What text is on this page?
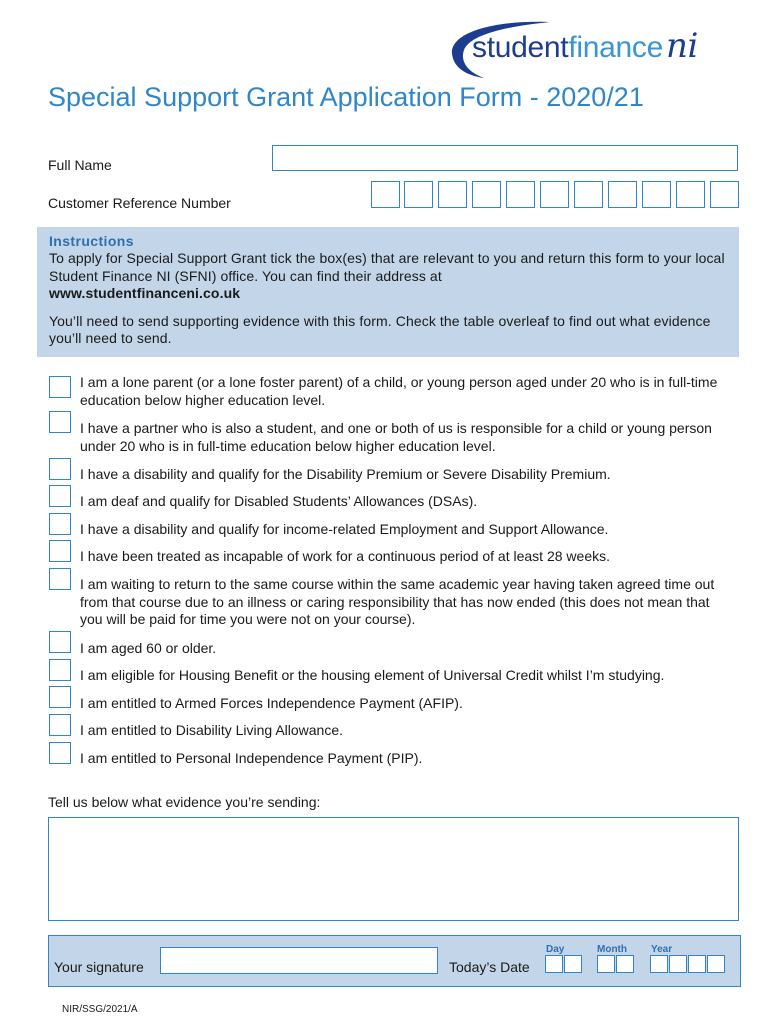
studentfinanceni
Special Support Grant Application Form - 2020/21
Full Name
Customer Reference Number
Instructions

To apply for Special Support Grant tick the box(es) that are relevant to you and return this form to your local Student Finance NI (SFNI) office. You can find their address at
www.studentfinanceni.co.uk

You’ll need to send supporting evidence with this form. Check the table overleaf to find out what evidence you’ll need to send.

I am a lone parent (or a lone foster parent) of a child, or young person aged under 20 who is in full-time education below higher education level.
I have a partner who is also a student, and one or both of us is responsible for a child or young person under 20 who is in full-time education below higher education level.
I have a disability and qualify for the Disability Premium or Severe Disability Premium.
I am deaf and qualify for Disabled Students’ Allowances (DSAs).
I have a disability and qualify for income-related Employment and Support Allowance.
I have been treated as incapable of work for a continuous period of at least 28 weeks.
I am waiting to return to the same course within the same academic year having taken agreed time out from that course due to an illness or caring responsibility that has now ended (this does not mean that you will be paid for time you were not on your course).
I am aged 60 or older.
I am eligible for Housing Benefit or the housing element of Universal Credit whilst I’m studying.
I am entitled to Armed Forces Independence Payment (AFIP).
I am entitled to Disability Living Allowance.
I am entitled to Personal Independence Payment (PIP).
Tell us below what evidence you’re sending:
Your signature	Today’s Date
Day	Month Year
NIR/SSG/2021/A
